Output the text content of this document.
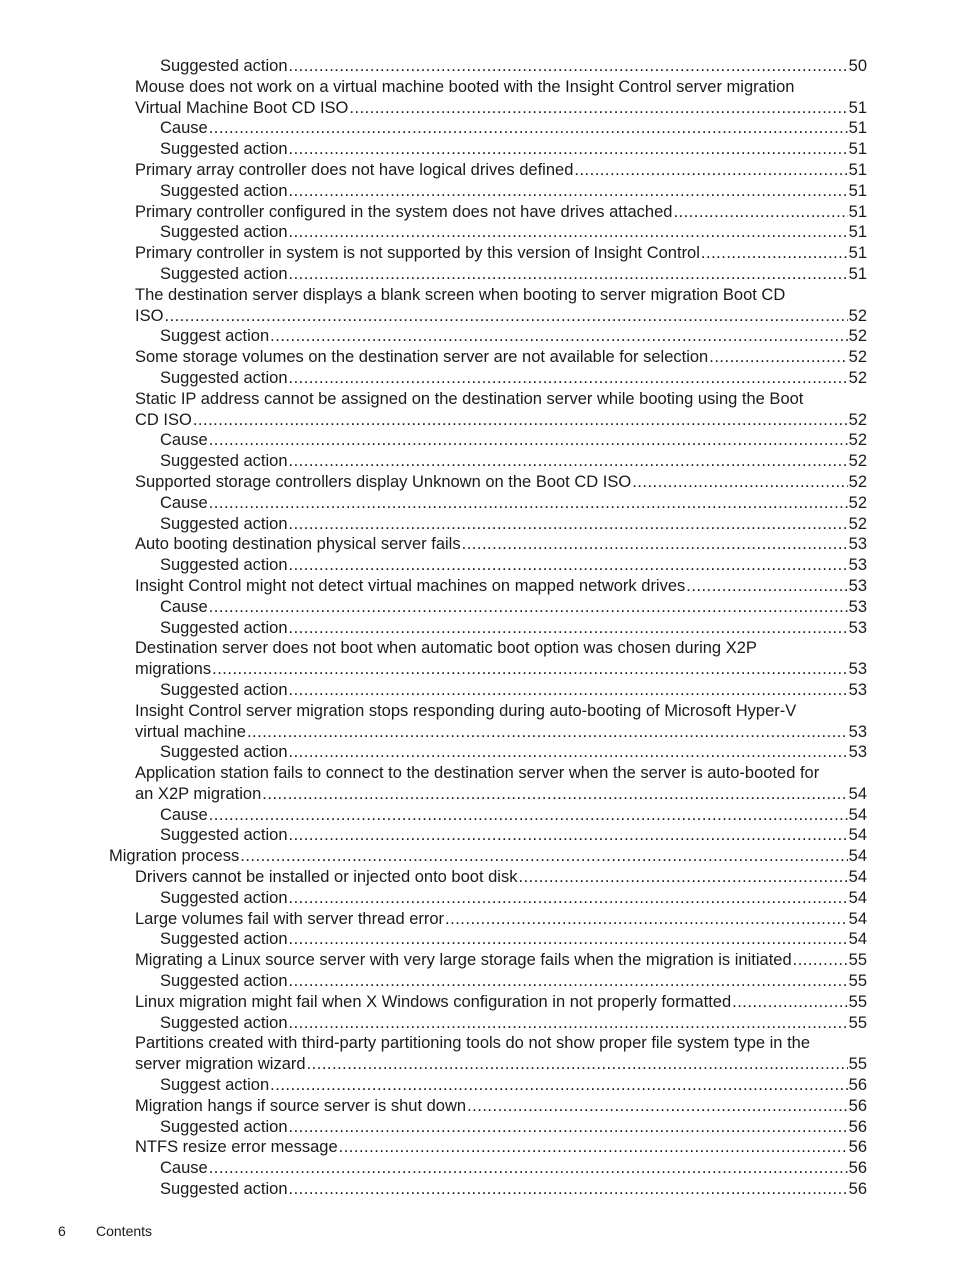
Suggested action .....	50
Mouse does not work on a virtual machine booted with the Insight Control server migration
Virtual Machine Boot CD ISO .....	51
Cause .....	51
Suggested action .....	51
Primary array controller does not have logical drives defined .....	51
Suggested action .....	51
Primary controller configured in the system does not have drives attached .....	51
Suggested action .....	51
Primary controller in system is not supported by this version of Insight Control .....	51
Suggested action .....	51
The destination server displays a blank screen when booting to server migration Boot CD
ISO .....	52
Suggest action .....	52
Some storage volumes on the destination server are not available for selection .....	52
Suggested action .....	52
Static IP address cannot be assigned on the destination server while booting using the Boot
CD ISO .....	52
Cause .....	52
Suggested action .....	52
Supported storage controllers display Unknown on the Boot CD ISO .....	52
Cause .....	52
Suggested action .....	52
Auto booting destination physical server fails .....	53
Suggested action .....	53
Insight Control might not detect virtual machines on mapped network drives .....	53
Cause .....	53
Suggested action .....	53
Destination server does not boot when automatic boot option was chosen during X2P
migrations .....	53
Suggested action .....	53
Insight Control server migration stops responding during auto-booting of Microsoft Hyper-V
virtual machine .....	53
Suggested action .....	53
Application station fails to connect to the destination server when the server is auto-booted for
an X2P migration .....	54
Cause .....	54
Suggested action .....	54
Migration process .....	54
Drivers cannot be installed or injected onto boot disk .....	54
Suggested action .....	54
Large volumes fail with server thread error .....	54
Suggested action .....	54
Migrating a Linux source server with very large storage fails when the migration is initiated .....	55
Suggested action .....	55
Linux migration might fail when X Windows configuration in not properly formatted .....	55
Suggested action .....	55
Partitions created with third-party partitioning tools do not show proper file system type in the
server migration wizard .....	55
Suggest action .....	56
Migration hangs if source server is shut down .....	56
Suggested action .....	56
NTFS resize error message .....	56
Cause .....	56
Suggested action .....	56
6	Contents
